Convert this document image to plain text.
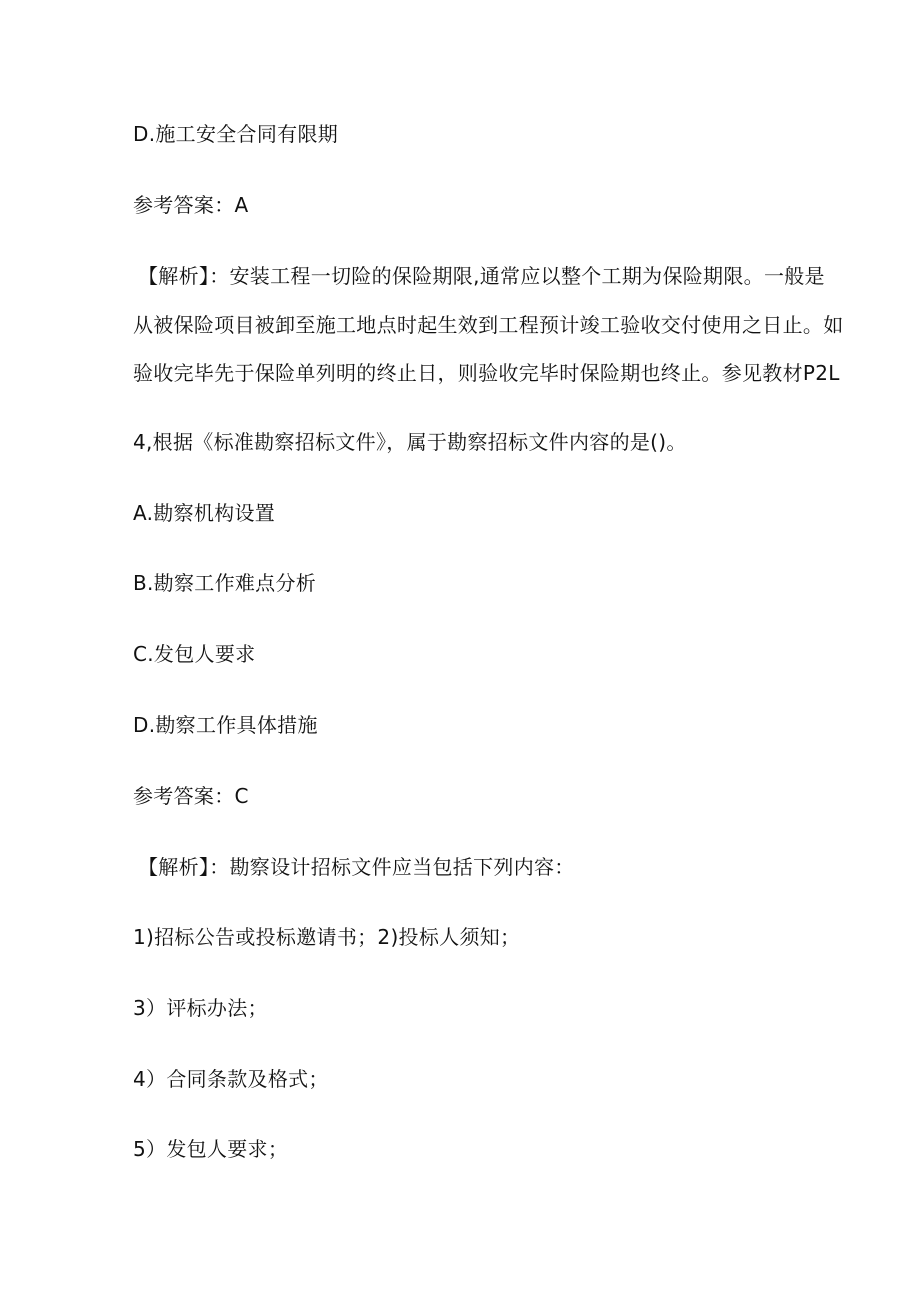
D.施工安全合同有限期
参考答案：A
【解析】：安装工程一切险的保险期限,通常应以整个工期为保险期限。一般是
从被保险项目被卸至施工地点时起生效到工程预计竣工验收交付使用之日止。如
验收完毕先于保险单列明的终止日，则验收完毕时保险期也终止。参见教材P2L
4,根据《标准勘察招标文件》，属于勘察招标文件内容的是()。
A.勘察机构设置
B.勘察工作难点分析
C.发包人要求
D.勘察工作具体措施
参考答案：C
【解析】：勘察设计招标文件应当包括下列内容：
1)招标公告或投标邀请书；2)投标人须知；
3）评标办法；
4）合同条款及格式；
5）发包人要求；
